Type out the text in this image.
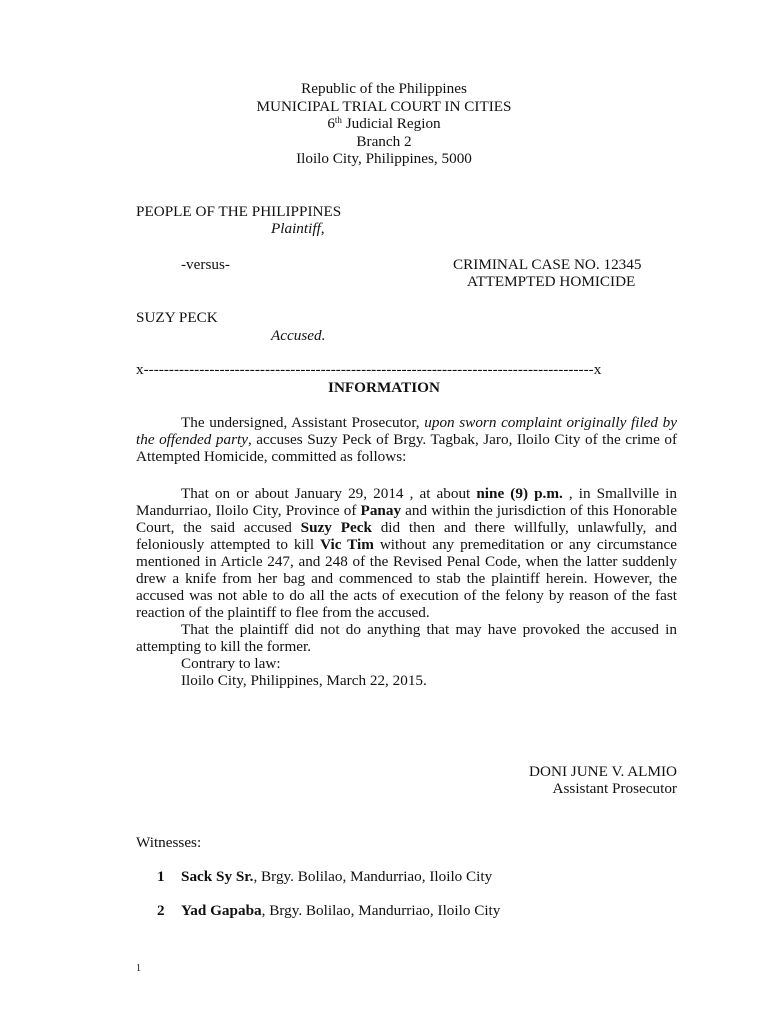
Republic of the Philippines
MUNICIPAL TRIAL COURT IN CITIES
6th Judicial Region
Branch 2
Iloilo City, Philippines, 5000
PEOPLE OF THE PHILIPPINES
Plaintiff,
-versus-	CRIMINAL CASE NO. 12345
ATTEMPTED HOMICIDE
SUZY PECK
Accused.
x-----------------------------------------------------------------------------------------x
INFORMATION

The undersigned, Assistant Prosecutor, upon sworn complaint originally filed by the offended party, accuses Suzy Peck of Brgy. Tagbak, Jaro, Iloilo City of the crime of Attempted Homicide, committed as follows:

That on or about January 29, 2014 , at about nine (9) p.m. , in Smallville in Mandurriao, Iloilo City, Province of Panay and within the jurisdiction of this Honorable Court, the said accused Suzy Peck did then and there willfully, unlawfully, and feloniously attempted to kill Vic Tim without any premeditation or any circumstance mentioned in Article 247, and 248 of the Revised Penal Code, when the latter suddenly drew a knife from her bag and commenced to stab the plaintiff herein. However, the accused was not able to do all the acts of execution of the felony by reason of the fast reaction of the plaintiff to flee from the accused.

That the plaintiff did not do anything that may have provoked the accused in attempting to kill the former.

Contrary to law:

Iloilo City, Philippines, March 22, 2015.

DONI JUNE V. ALMIO
Assistant Prosecutor
Witnesses:
1 Sack Sy Sr., Brgy. Bolilao, Mandurriao, Iloilo City
2 Yad Gapaba, Brgy. Bolilao, Mandurriao, Iloilo City
1
